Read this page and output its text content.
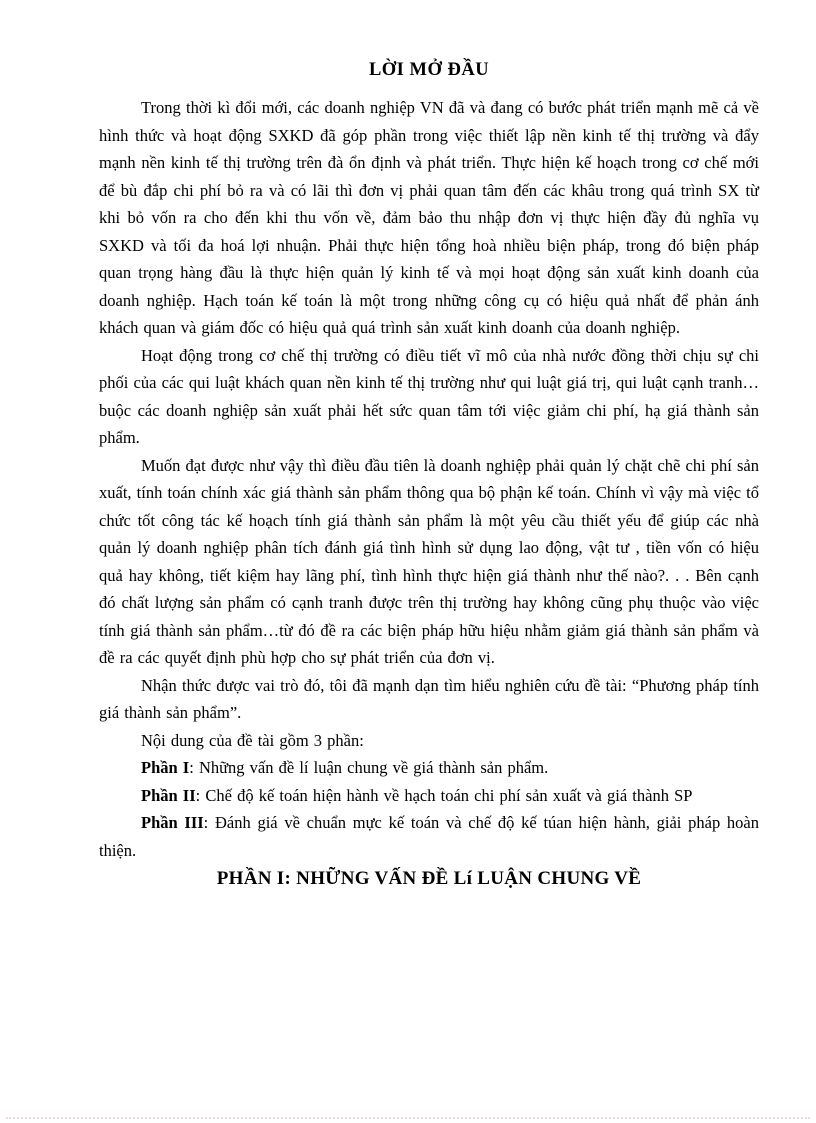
LỜI MỞ ĐẦU

Trong thời kì đổi mới, các doanh nghiệp VN đã và đang có bước phát triển mạnh mẽ cả về hình thức và hoạt động SXKD đã góp phần trong việc thiết lập nền kinh tế thị trường và đẩy mạnh nền kinh tế thị trường trên đà ổn định và phát triển. Thực hiện kế hoạch trong cơ chế mới để bù đắp chi phí bỏ ra và có lãi thì đơn vị phải quan tâm đến các khâu trong quá trình SX từ khi bỏ vốn ra cho đến khi thu vốn về, đảm bảo thu nhập đơn vị thực hiện đầy đủ nghĩa vụ SXKD và tối đa hoá lợi nhuận. Phải thực hiện tổng hoà nhiều biện pháp, trong đó biện pháp quan trọng hàng đầu là thực hiện quản lý kinh tế và mọi hoạt động sản xuất kinh doanh của doanh nghiệp. Hạch toán kế toán là một trong những công cụ có hiệu quả nhất để phản ánh khách quan và giám đốc có hiệu quả quá trình sản xuất kinh doanh của doanh nghiệp.

Hoạt động trong cơ chế thị trường có điều tiết vĩ mô của nhà nước đồng thời chịu sự chi phối của các qui luật khách quan nền kinh tế thị trường như qui luật giá trị, qui luật cạnh tranh…buộc các doanh nghiệp sản xuất phải hết sức quan tâm tới việc giảm chi phí, hạ giá thành sản phẩm.

Muốn đạt được như vậy thì điều đầu tiên là doanh nghiệp phải quản lý chặt chẽ chi phí sản xuất, tính toán chính xác giá thành sản phẩm thông qua bộ phận kế toán. Chính vì vậy mà việc tổ chức tốt công tác kế hoạch tính giá thành sản phẩm là một yêu cầu thiết yếu để giúp các nhà quản lý doanh nghiệp phân tích đánh giá tình hình sử dụng lao động, vật tư , tiền vốn có hiệu quả hay không, tiết kiệm hay lãng phí, tình hình thực hiện giá thành như thế nào?. . . Bên cạnh đó chất lượng sản phẩm có cạnh tranh được trên thị trường hay không cũng phụ thuộc vào việc tính giá thành sản phẩm…từ đó đề ra các biện pháp hữu hiệu nhằm giảm giá thành sản phẩm và đề ra các quyết định phù hợp cho sự phát triển của đơn vị.

Nhận thức được vai trò đó, tôi đã mạnh dạn tìm hiểu nghiên cứu đề tài: “Phương pháp tính giá thành sản phẩm”.

Nội dung của đề tài gồm 3 phần:

Phần I: Những vấn đề lí luận chung về giá thành sản phẩm.

Phần II: Chế độ kế toán hiện hành về hạch toán chi phí sản xuất và giá thành SP

Phần III: Đánh giá về chuẩn mực kế toán và chế độ kế túan hiện hành, giải pháp hoàn thiện.

PHẦN I: NHỮNG VẤN ĐỀ Lí LUẬN CHUNG VỀ
